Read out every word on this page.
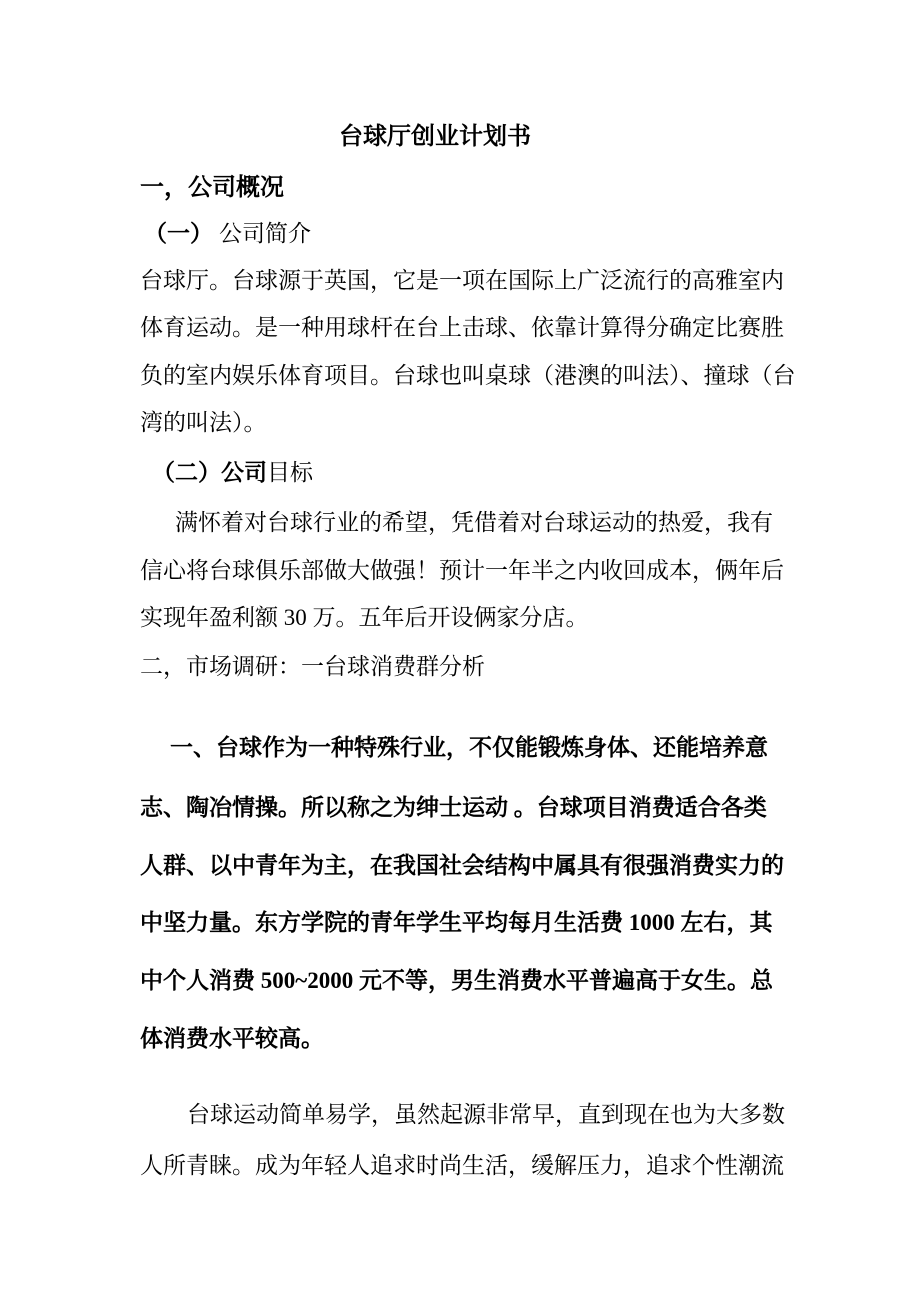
台球厅创业计划书
一，公司概况
（一） 公司简介
台球厅。台球源于英国，它是一项在国际上广泛流行的高雅室内
体育运动。是一种用球杆在台上击球、依靠计算得分确定比赛胜
负的室内娱乐体育项目。台球也叫桌球（港澳的叫法）、撞球（台
湾的叫法）。
（二）公司 目标
满怀着对台球行业的希望，凭借着对台球运动的热爱，我有
信心将台球俱乐部做大做强！预计一年半之内收回成本，俩年后
实现年盈利额 30 万。五年后开设俩家分店。
二，市场调研：一台球消费群分析
一、台球作为一种特殊行业，不仅能锻炼身体、还能培养意
志、陶冶情操。所以称之为绅士运动 。台球项目消费适合各类
人群、以中青年为主，在我国社会结构中属具有很强消费实力的
中坚力量。东方学院的青年学生平均每月生活费 1000 左右，其
中个人消费 500~2000 元不等，男生消费水平普遍高于女生。总
体消费水平较高。
台球运动简单易学，虽然起源非常早，直到现在也为大多数
人所青睐。成为年轻人追求时尚生活，缓解压力，追求个性潮流
